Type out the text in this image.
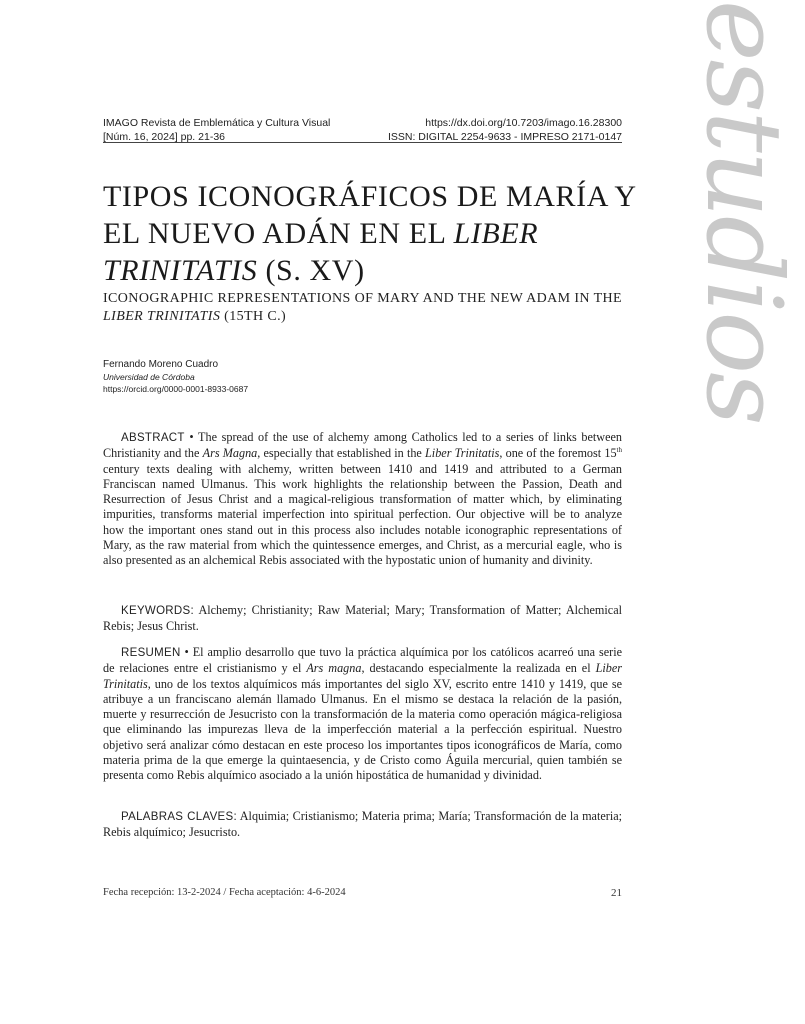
estudios
IMAGO Revista de Emblemática y Cultura Visual	https://dx.doi.org/10.7203/imago.16.28300
[Núm. 16, 2024] pp. 21-36	ISSN: DIGITAL 2254-9633 - IMPRESO 2171-0147
TIPOS ICONOGRÁFICOS DE MARÍA Y EL NUEVO ADÁN EN EL LIBER TRINITATIS (S. XV)
ICONOGRAPHIC REPRESENTATIONS OF MARY AND THE NEW ADAM IN THE LIBER TRINITATIS (15TH C.)
Fernando Moreno Cuadro
Universidad de Córdoba
https://orcid.org/0000-0001-8933-0687

ABSTRACT • The spread of the use of alchemy among Catholics led to a series of links between Christianity and the Ars Magna, especially that established in the Liber Trinitatis, one of the foremost 15th century texts dealing with alchemy, written between 1410 and 1419 and attributed to a German Franciscan named Ulmanus. This work highlights the relationship between the Passion, Death and Resurrection of Jesus Christ and a magical-religious transformation of matter which, by eliminating impurities, transforms material imperfection into spiritual perfection. Our objective will be to analyze how the important ones stand out in this process also includes notable iconographic representations of Mary, as the raw material from which the quintessence emerges, and Christ, as a mercurial eagle, who is also presented as an alchemical Rebis associated with the hypostatic union of humanity and divinity.

KEYWORDS: Alchemy; Christianity; Raw Material; Mary; Transformation of Matter; Alchemical Rebis; Jesus Christ.

RESUMEN • El amplio desarrollo que tuvo la práctica alquímica por los católicos acarreó una serie de relaciones entre el cristianismo y el Ars magna, destacando especialmente la realizada en el Liber Trinitatis, uno de los textos alquímicos más importantes del siglo XV, escrito entre 1410 y 1419, que se atribuye a un franciscano alemán llamado Ulmanus. En el mismo se destaca la relación de la pasión, muerte y resurrección de Jesucristo con la transformación de la materia como operación mágica-religiosa que eliminando las impurezas lleva de la imperfección material a la perfección espiritual. Nuestro objetivo será analizar cómo destacan en este proceso los importantes tipos iconográficos de María, como materia prima de la que emerge la quintaesencia, y de Cristo como Águila mercurial, quien también se presenta como Rebis alquímico asociado a la unión hipostática de humanidad y divinidad.

PALABRAS CLAVES: Alquimia; Cristianismo; Materia prima; María; Transformación de la materia; Rebis alquímico; Jesucristo.

Fecha recepción: 13-2-2024 / Fecha aceptación: 4-6-2024	21
